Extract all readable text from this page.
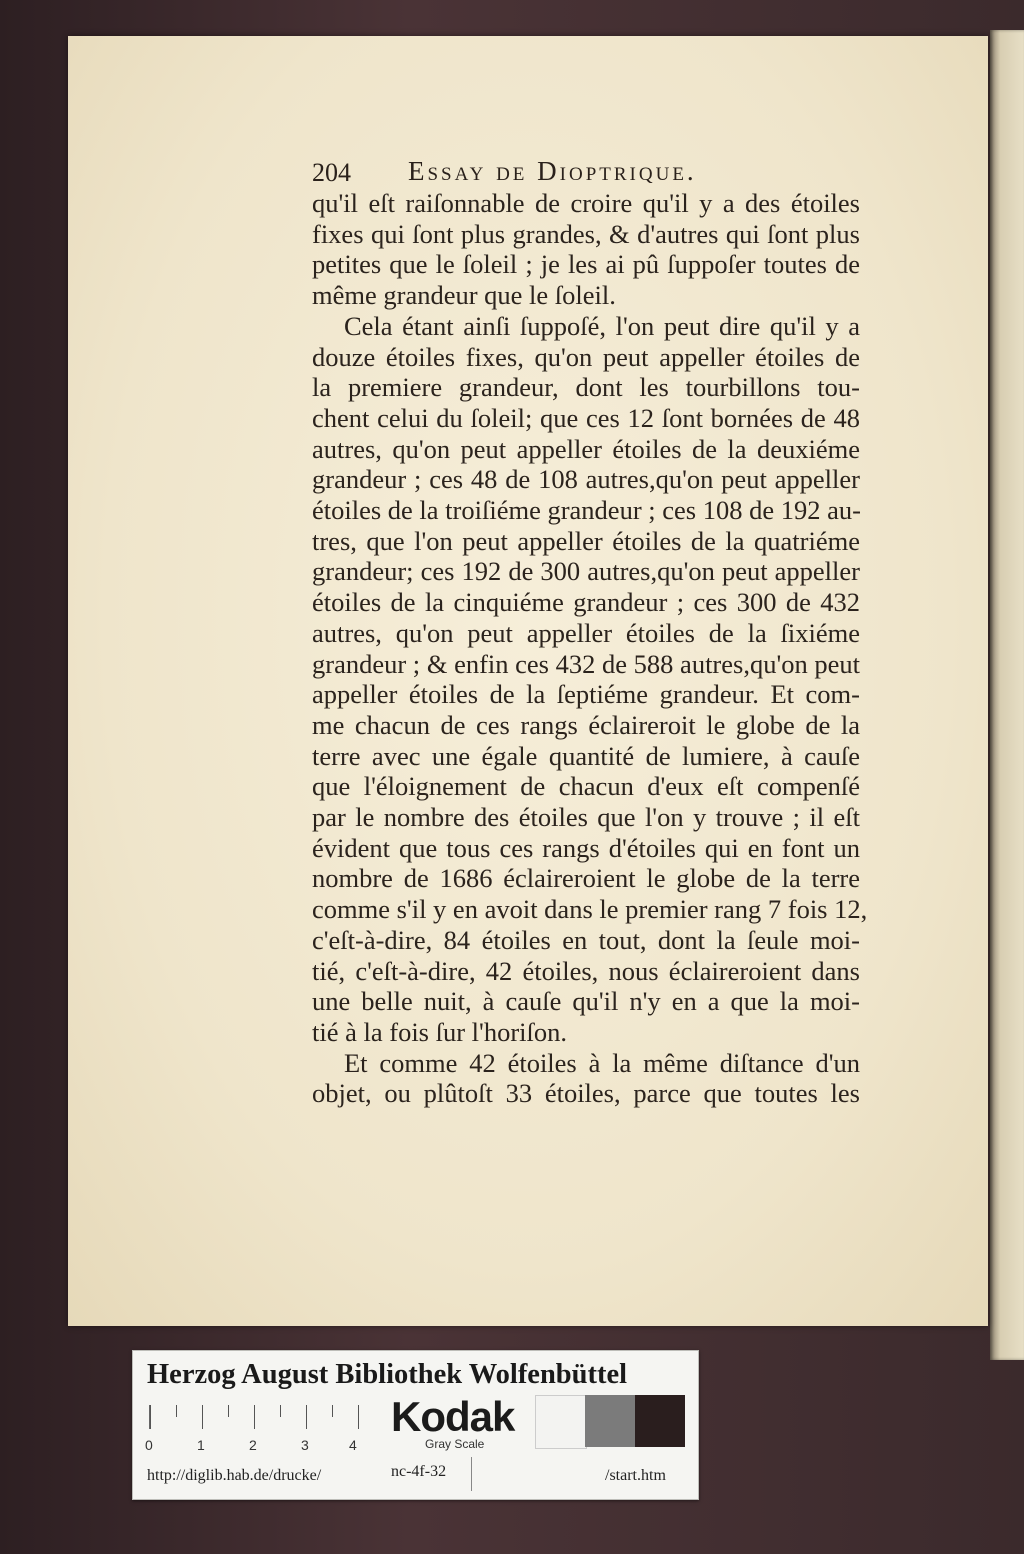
204 Essay de Dioptrique.
qu'il eſt raiſonnable de croire qu'il y a des étoiles
fixes qui ſont plus grandes, & d'autres qui ſont plus
petites que le ſoleil ; je les ai pû ſuppoſer toutes de
même grandeur que le ſoleil.
Cela étant ainſi ſuppoſé, l'on peut dire qu'il y a
douze étoiles fixes, qu'on peut appeller étoiles de
la premiere grandeur, dont les tourbillons tou-
chent celui du ſoleil; que ces 12 ſont bornées de 48
autres, qu'on peut appeller étoiles de la deuxiéme
grandeur ; ces 48 de 108 autres,qu'on peut appeller
étoiles de la troiſiéme grandeur ; ces 108 de 192 au-
tres, que l'on peut appeller étoiles de la quatriéme
grandeur; ces 192 de 300 autres,qu'on peut appeller
étoiles de la cinquiéme grandeur ; ces 300 de 432
autres, qu'on peut appeller étoiles de la ſixiéme
grandeur ; & enfin ces 432 de 588 autres,qu'on peut
appeller étoiles de la ſeptiéme grandeur. Et com-
me chacun de ces rangs éclaireroit le globe de la
terre avec une égale quantité de lumiere, à cauſe
que l'éloignement de chacun d'eux eſt compenſé
par le nombre des étoiles que l'on y trouve ; il eſt
évident que tous ces rangs d'étoiles qui en font un
nombre de 1686 éclaireroient le globe de la terre
comme s'il y en avoit dans le premier rang 7 fois 12,
c'eſt-à-dire, 84 étoiles en tout, dont la ſeule moi-
tié, c'eſt-à-dire, 42 étoiles, nous éclaireroient dans
une belle nuit, à cauſe qu'il n'y en a que la moi-
tié à la fois ſur l'horiſon.
Et comme 42 étoiles à la même diſtance d'un
objet, ou plûtoſt 33 étoiles, parce que toutes les
Herzog August Bibliothek Wolfenbüttel
0	1	2	3	4
Kodak
Gray Scale
http://diglib.hab.de/drucke/	nc-4f-32	/start.htm
